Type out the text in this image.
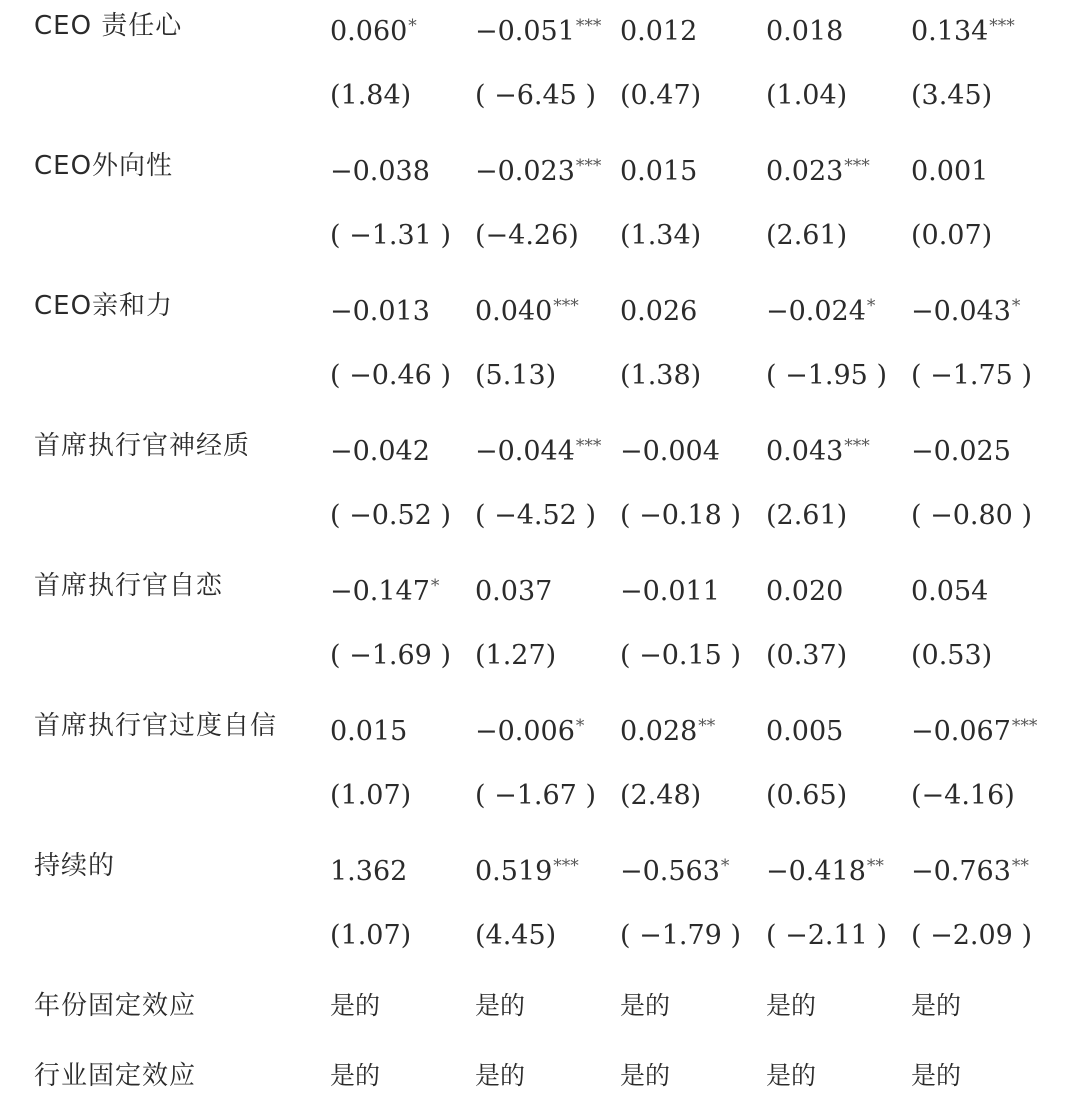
CEO 责任心	0.060* −0.051*** 0.012	0.018	0.134***
(1.84) ( −6.45 ) (0.47) (1.04) (3.45)
CEO外向性	−0.038 −0.023*** 0.015	0.023*** 0.001
( −1.31 ) (−4.26) (1.34) (2.61) (0.07)
CEO亲和力	−0.013 0.040*** 0.026	−0.024* −0.043*
( −0.46 ) (5.13) (1.38) ( −1.95 ) ( −1.75 )
首席执行官神经质	−0.042 −0.044*** −0.004 0.043*** −0.025
( −0.52 ) ( −4.52 ) ( −0.18 ) (2.61) ( −0.80 )
首席执行官自恋	−0.147* 0.037	−0.011 0.020	0.054
( −1.69 ) (1.27) ( −0.15 ) (0.37) (0.53)
首席执行官过度自信 0.015	−0.006* 0.028** 0.005	−0.067***
(1.07) ( −1.67 ) (2.48) (0.65) (−4.16)
持续的	1.362	0.519*** −0.563* −0.418** −0.763**
(1.07) (4.45) ( −1.79 ) ( −2.11 ) ( −2.09 )
年份固定效应	是的	是的	是的	是的	是的
行业固定效应	是的	是的	是的	是的	是的
